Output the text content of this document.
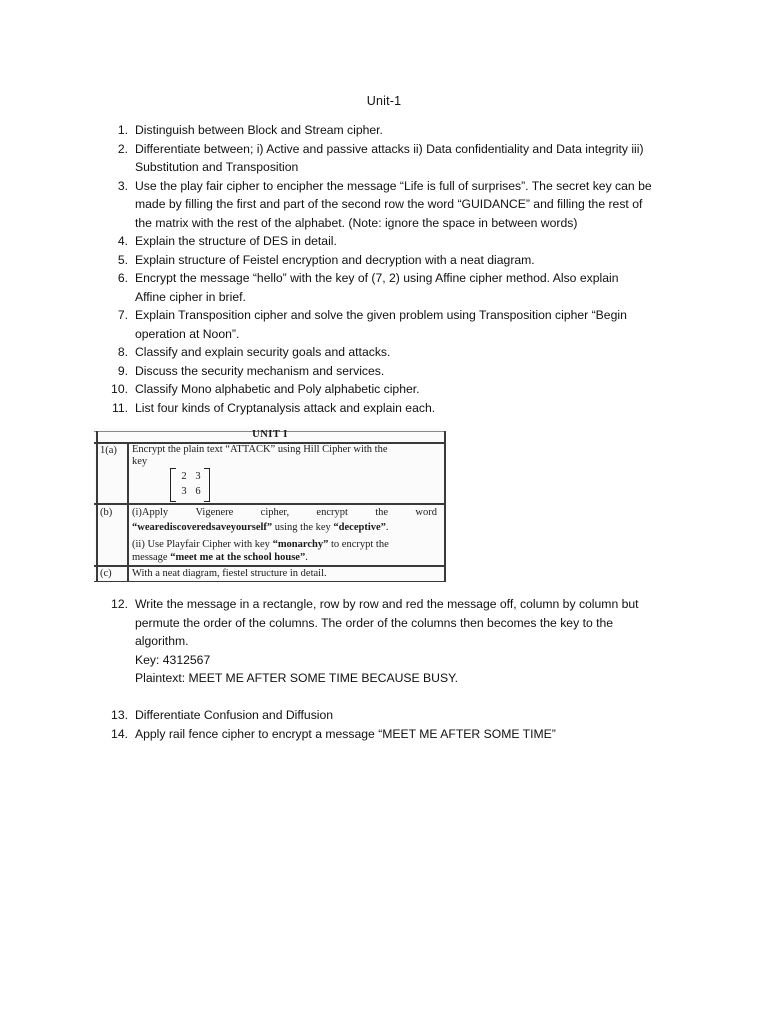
Unit-1
1. Distinguish between Block and Stream cipher.
2. Differentiate between; i) Active and passive attacks ii) Data confidentiality and Data integrity iii)
Substitution and Transposition
3. Use the play fair cipher to encipher the message “Life is full of surprises”. The secret key can be
made by filling the first and part of the second row the word “GUIDANCE” and filling the rest of
the matrix with the rest of the alphabet. (Note: ignore the space in between words)
4. Explain the structure of DES in detail.
5. Explain structure of Feistel encryption and decryption with a neat diagram.
6. Encrypt the message “hello” with the key of (7, 2) using Affine cipher method. Also explain
Affine cipher in brief.
7. Explain Transposition cipher and solve the given problem using Transposition cipher “Begin
operation at Noon”.
8. Classify and explain security goals and attacks.
9. Discuss the security mechanism and services.
10. Classify Mono alphabetic and Poly alphabetic cipher.
11. List four kinds of Cryptanalysis attack and explain each.
UNIT I
1(a) Encrypt the plain text “ATTACK” using Hill Cipher with the
key
2 3
3 6
(b) (i)Apply	Vigenere	cipher,	encrypt	the	word
“wearediscoveredsaveyourself” using the key “deceptive”.
(ii) Use Playfair Cipher with key “monarchy” to encrypt the
message “meet me at the school house”.
(c) With a neat diagram, fiestel structure in detail.
12. Write the message in a rectangle, row by row and red the message off, column by column but
permute the order of the columns. The order of the columns then becomes the key to the
algorithm.
Key: 4312567
Plaintext: MEET ME AFTER SOME TIME BECAUSE BUSY.
13. Differentiate Confusion and Diffusion
14. Apply rail fence cipher to encrypt a message “MEET ME AFTER SOME TIME”
